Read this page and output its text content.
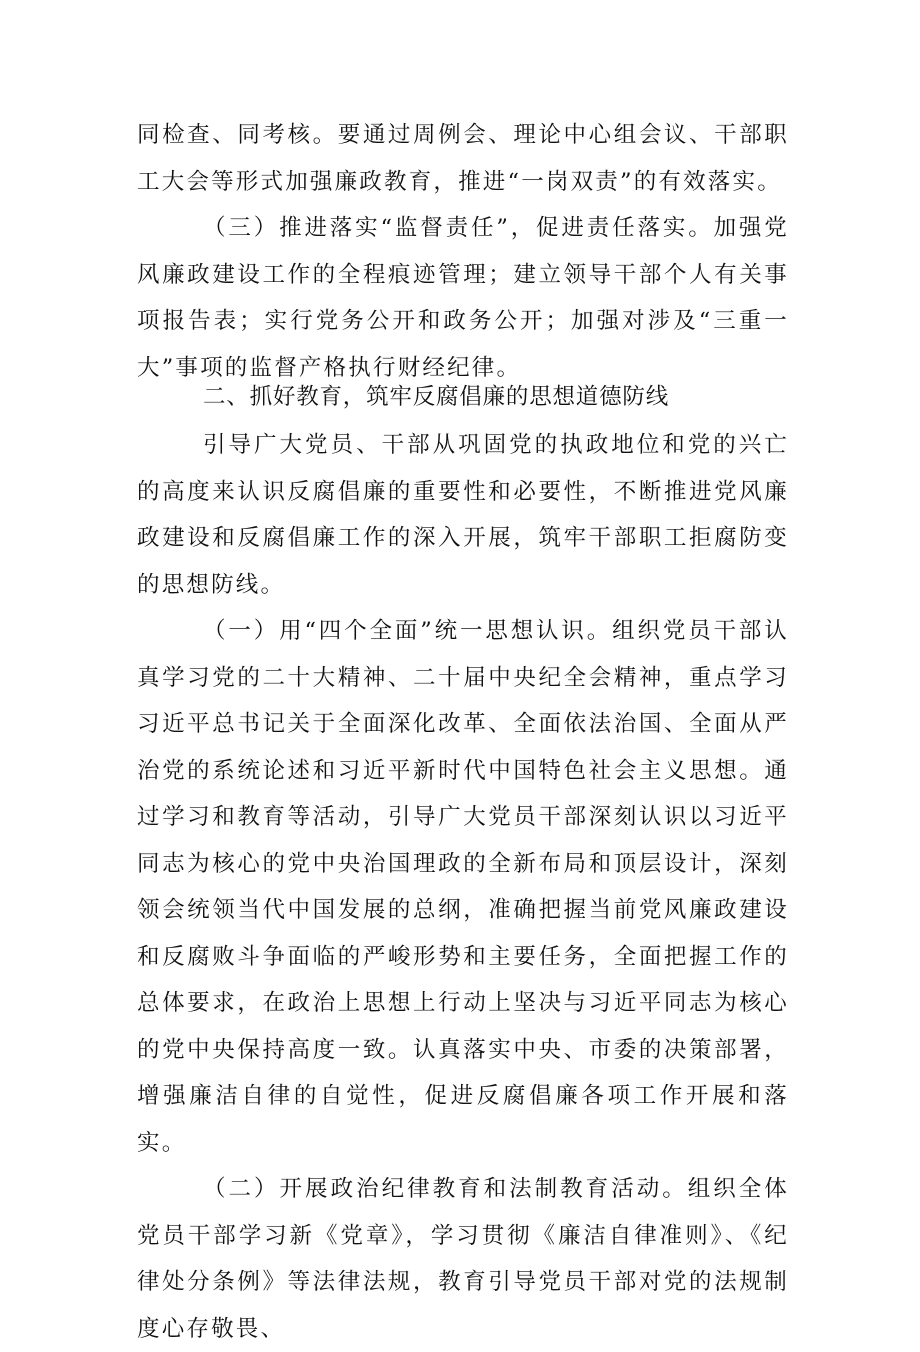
同检查、同考核。要通过周例会、理论中心组会议、干部职工大会等形式加强廉政教育，推进“一岗双责”的有效落实。

（三）推进落实“监督责任”，促进责任落实。加强党风廉政建设工作的全程痕迹管理；建立领导干部个人有关事项报告表；实行党务公开和政务公开；加强对涉及“三重一大”事项的监督产格执行财经纪律。

二、抓好教育，筑牢反腐倡廉的思想道德防线

引导广大党员、干部从巩固党的执政地位和党的兴亡的高度来认识反腐倡廉的重要性和必要性，不断推进党风廉政建设和反腐倡廉工作的深入开展，筑牢干部职工拒腐防变的思想防线。

（一）用“四个全面”统一思想认识。组织党员干部认真学习党的二十大精神、二十届中央纪全会精神，重点学习习近平总书记关于全面深化改革、全面依法治国、全面从严治党的系统论述和习近平新时代中国特色社会主义思想。通过学习和教育等活动，引导广大党员干部深刻认识以习近平同志为核心的党中央治国理政的全新布局和顶层设计，深刻领会统领当代中国发展的总纲，准确把握当前党风廉政建设和反腐败斗争面临的严峻形势和主要任务，全面把握工作的总体要求，在政治上思想上行动上坚决与习近平同志为核心的党中央保持高度一致。认真落实中央、市委的决策部署，增强廉洁自律的自觉性，促进反腐倡廉各项工作开展和落实。

（二）开展政治纪律教育和法制教育活动。组织全体党员干部学习新《党章》，学习贯彻《廉洁自律准则》、《纪律处分条例》等法律法规，教育引导党员干部对党的法规制度心存敬畏、
